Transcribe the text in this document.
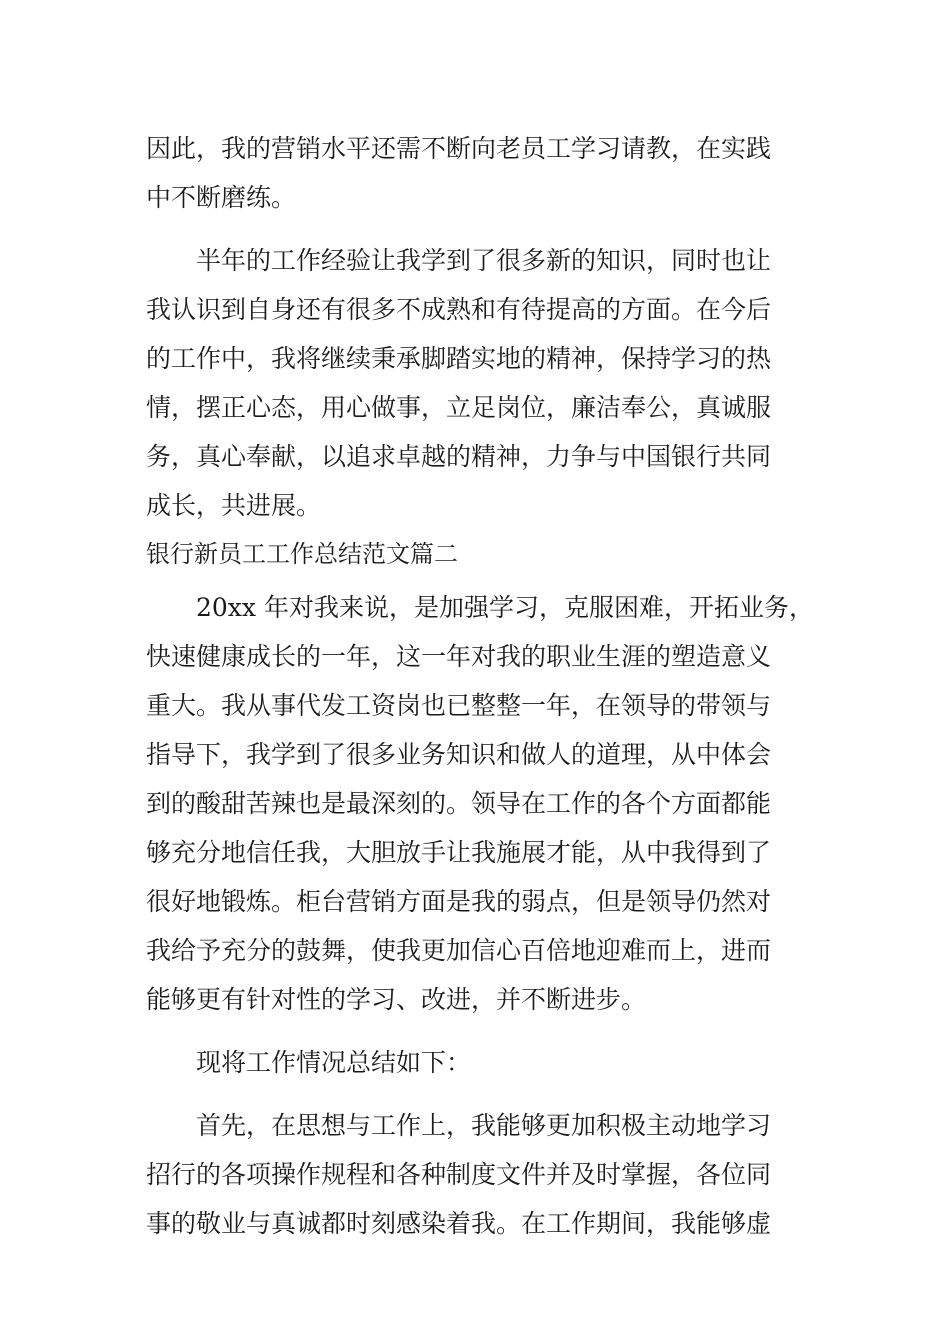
因此，我的营销水平还需不断向老员工学习请教，在实践
中不断磨练。
半年的工作经验让我学到了很多新的知识，同时也让
我认识到自身还有很多不成熟和有待提高的方面。在今后
的工作中，我将继续秉承脚踏实地的精神，保持学习的热
情，摆正心态，用心做事，立足岗位，廉洁奉公，真诚服
务，真心奉献，以追求卓越的精神，力争与中国银行共同
成长，共进展。
银行新员工工作总结范文篇二
20xx 年对我来说，是加强学习，克服困难，开拓业务，
快速健康成长的一年，这一年对我的职业生涯的塑造意义
重大。我从事代发工资岗也已整整一年，在领导的带领与
指导下，我学到了很多业务知识和做人的道理，从中体会
到的酸甜苦辣也是最深刻的。领导在工作的各个方面都能
够充分地信任我，大胆放手让我施展才能，从中我得到了
很好地锻炼。柜台营销方面是我的弱点，但是领导仍然对
我给予充分的鼓舞，使我更加信心百倍地迎难而上，进而
能够更有针对性的学习、改进，并不断进步。
现将工作情况总结如下：
首先，在思想与工作上，我能够更加积极主动地学习
招行的各项操作规程和各种制度文件并及时掌握，各位同
事的敬业与真诚都时刻感染着我。在工作期间，我能够虚
